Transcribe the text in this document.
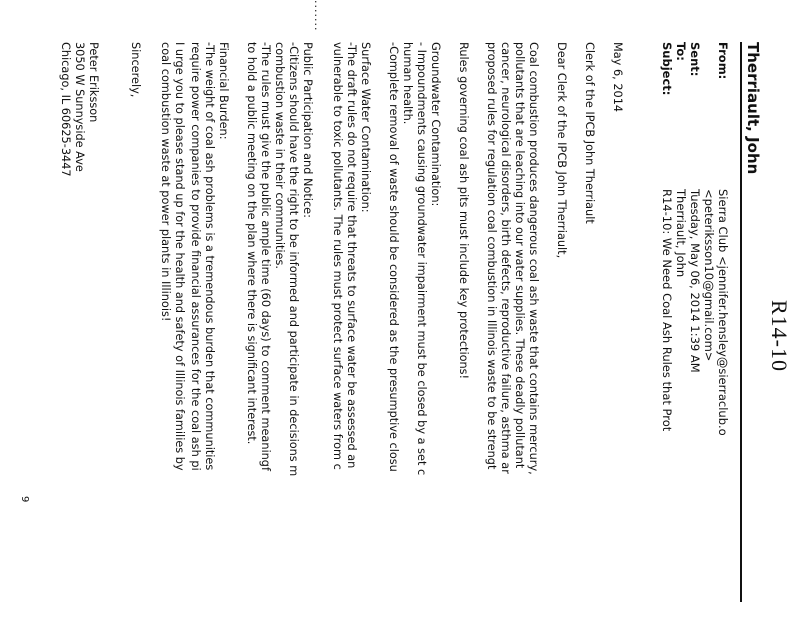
R14-10
Therriault, John
From:
Sierra Club <jennifer.hensley@sierraclub.o
<peteriksson10@gmail.com>
Sent:
Tuesday, May 06, 2014 1:39 AM
To:
Therriault, John
Subject:
R14-10: We Need Coal Ash Rules that Prot
May 6, 2014
Clerk of the IPCB John Therriault
Dear Clerk of the IPCB John Therriault,
Coal combustion produces dangerous coal ash waste that contains mercury,
pollutants that are leaching into our water supplies. These deadly pollutant
cancer, neurological disorders, birth defects, reproductive failure, asthma ar
proposed rules for regulation coal combustion in Illinois waste to be strengt
Rules governing coal ash pits must include key protections!
Groundwater Contamination:
- Impoundments causing groundwater impairment must be closed by a set c
human health.
-Complete removal of waste should be considered as the presumptive closu
Surface Water Contamination:
-The draft rules do not require that threats to surface water be assessed an
vulnerable to toxic pollutants. The rules must protect surface waters from c
Public Participation and Notice:
-Citizens should have the right to be informed and participate in decisions m
combustion waste in their communities.
-The rules must give the public ample time (60 days) to comment meaningf
to hold a public meeting on the plan where there is significant interest.
Financial Burden:
-The weight of coal ash problems is a tremendous burden that communities
require power companies to provide financial assurances for the coal ash pi
.......
I urge you to please stand up for the health and safety of Illinois families by
coal combustion waste at power plants in Illinois!
Sincerely,
Peter Eriksson
3050 W Sunnyside Ave
Chicago, IL 60625-3447
9
